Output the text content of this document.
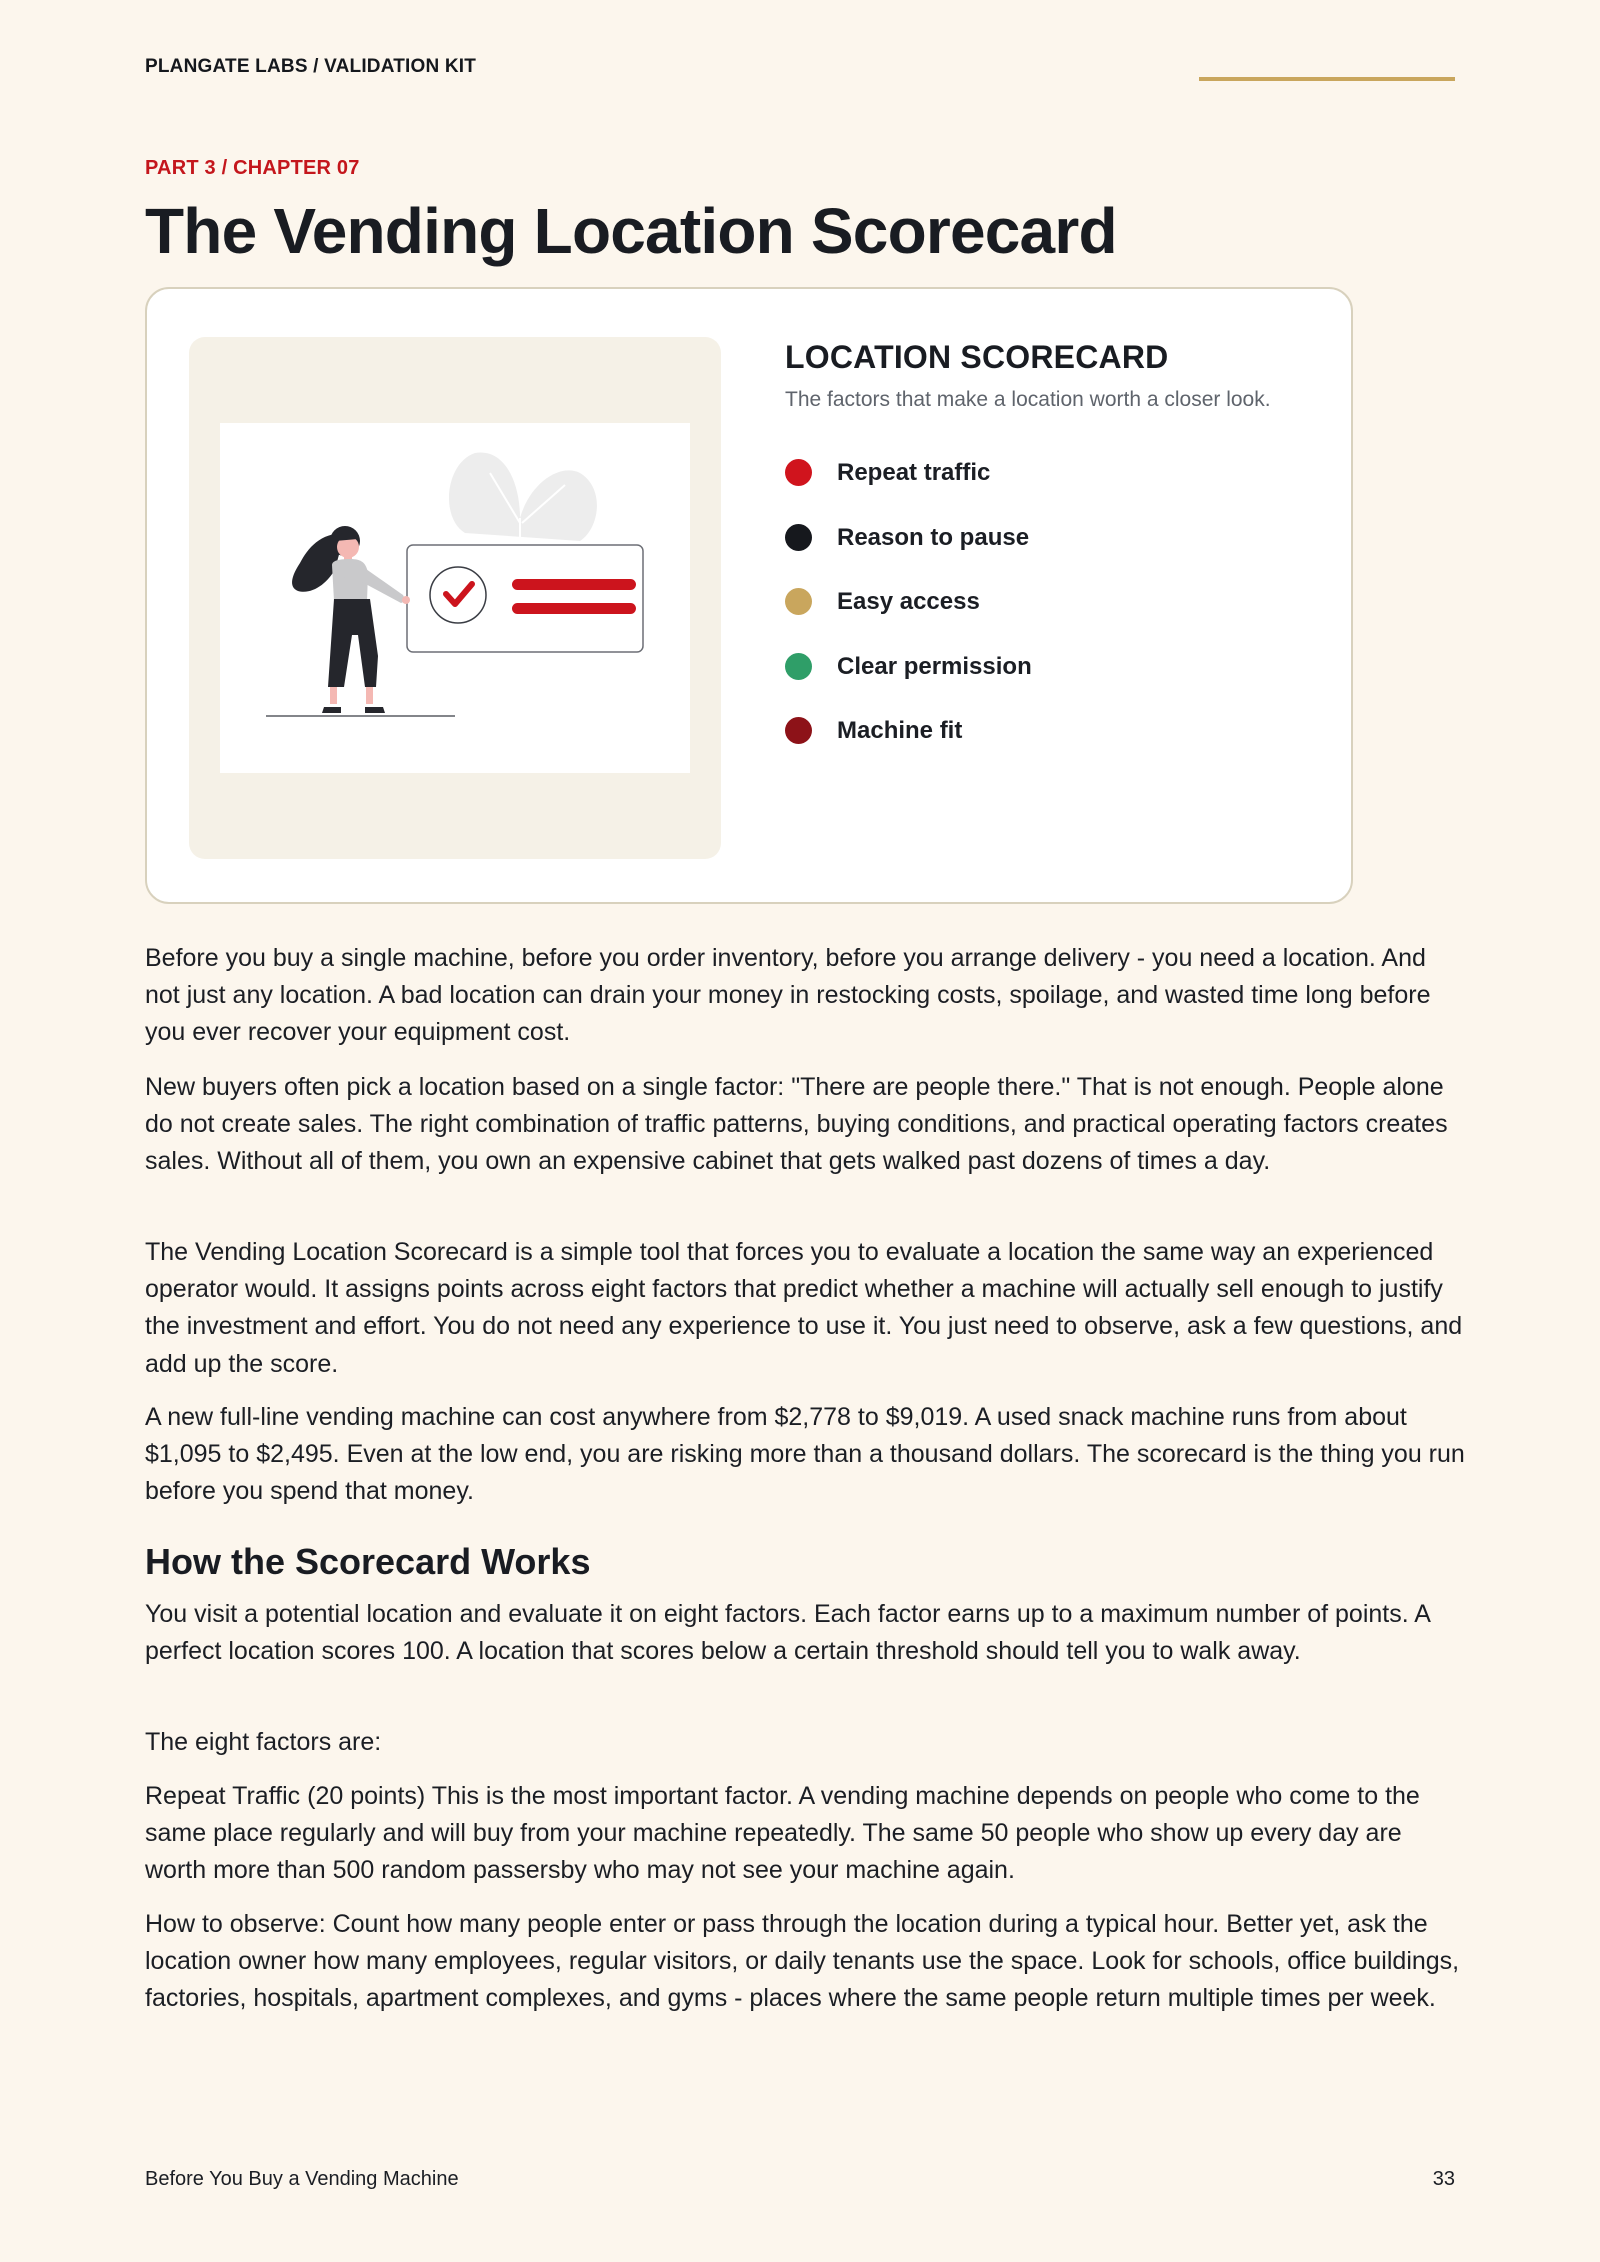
PLANGATE LABS / VALIDATION KIT
PART 3 / CHAPTER 07
The Vending Location Scorecard
LOCATION SCORECARD
The factors that make a location worth a closer look.
Repeat traffic
Reason to pause
Easy access
Clear permission
Machine fit

Before you buy a single machine, before you order inventory, before you arrange delivery - you need a location. And not just any location. A bad location can drain your money in restocking costs, spoilage, and wasted time long before you ever recover your equipment cost.

New buyers often pick a location based on a single factor: "There are people there." That is not enough. People alone do not create sales. The right combination of traffic patterns, buying conditions, and practical operating factors creates sales. Without all of them, you own an expensive cabinet that gets walked past dozens of times a day.

The Vending Location Scorecard is a simple tool that forces you to evaluate a location the same way an experienced operator would. It assigns points across eight factors that predict whether a machine will actually sell enough to justify the investment and effort. You do not need any experience to use it. You just need to observe, ask a few questions, and add up the score.

A new full-line vending machine can cost anywhere from $2,778 to $9,019. A used snack machine runs from about $1,095 to $2,495. Even at the low end, you are risking more than a thousand dollars. The scorecard is the thing you run before you spend that money.

How the Scorecard Works

You visit a potential location and evaluate it on eight factors. Each factor earns up to a maximum number of points. A perfect location scores 100. A location that scores below a certain threshold should tell you to walk away.

The eight factors are:

Repeat Traffic (20 points) This is the most important factor. A vending machine depends on people who come to the same place regularly and will buy from your machine repeatedly. The same 50 people who show up every day are worth more than 500 random passersby who may not see your machine again.

How to observe: Count how many people enter or pass through the location during a typical hour. Better yet, ask the location owner how many employees, regular visitors, or daily tenants use the space. Look for schools, office buildings, factories, hospitals, apartment complexes, and gyms - places where the same people return multiple times per week.

Before You Buy a Vending Machine	33
